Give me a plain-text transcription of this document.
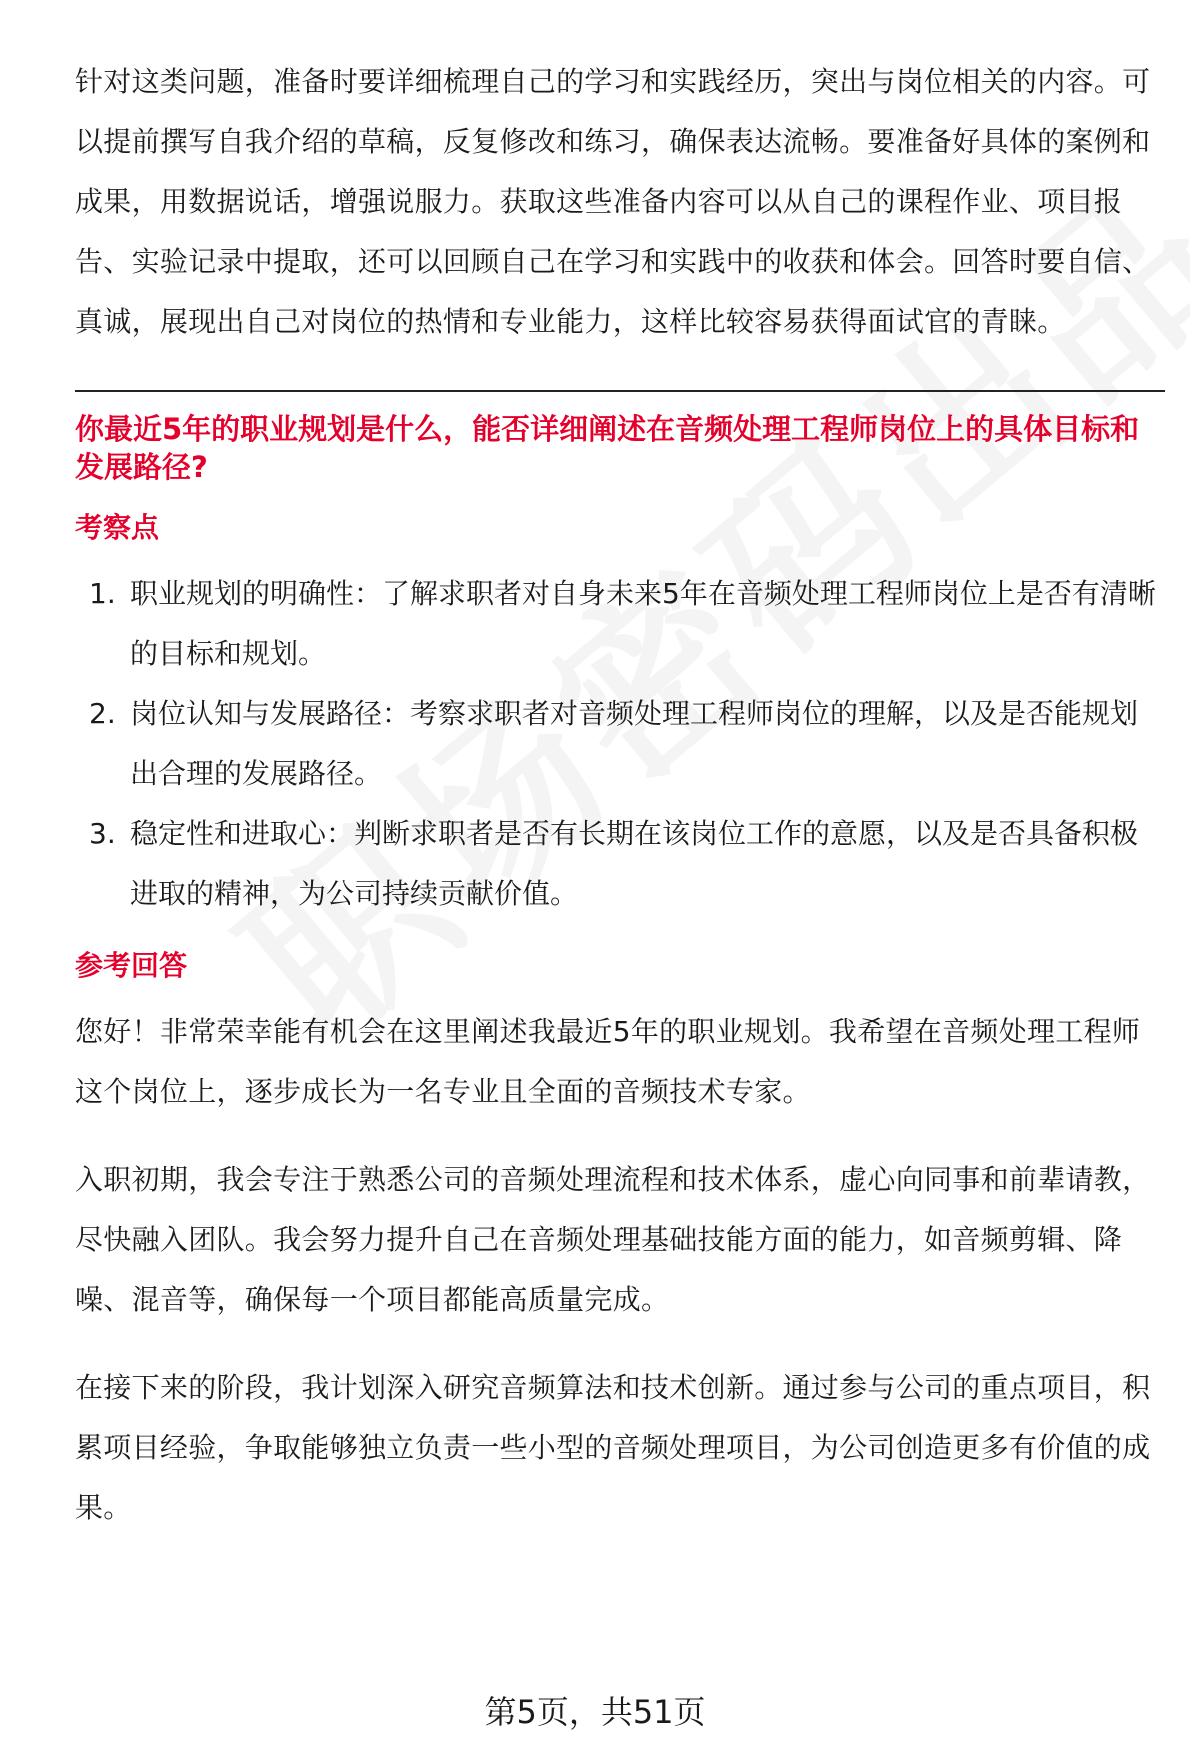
针对这类问题，准备时要详细梳理自己的学习和实践经历，突出与岗位相关的内容。可以提前撰写自我介绍的草稿，反复修改和练习，确保表达流畅。要准备好具体的案例和成果，用数据说话，增强说服力。获取这些准备内容可以从自己的课程作业、项目报告、实验记录中提取，还可以回顾自己在学习和实践中的收获和体会。回答时要自信、真诚，展现出自己对岗位的热情和专业能力，这样比较容易获得面试官的青睐。

你最近5年的职业规划是什么，能否详细阐述在音频处理工程师岗位上的具体目标和发展路径?
考察点
1. 职业规划的明确性：了解求职者对自身未来5年在音频处理工程师岗位上是否有清晰的目标和规划。
2. 岗位认知与发展路径：考察求职者对音频处理工程师岗位的理解，以及是否能规划出合理的发展路径。
3. 稳定性和进取心：判断求职者是否有长期在该岗位工作的意愿，以及是否具备积极进取的精神，为公司持续贡献价值。
参考回答

您好！非常荣幸能有机会在这里阐述我最近5年的职业规划。我希望在音频处理工程师这个岗位上，逐步成长为一名专业且全面的音频技术专家。

入职初期，我会专注于熟悉公司的音频处理流程和技术体系，虚心向同事和前辈请教，尽快融入团队。我会努力提升自己在音频处理基础技能方面的能力，如音频剪辑、降噪、混音等，确保每一个项目都能高质量完成。

在接下来的阶段，我计划深入研究音频算法和技术创新。通过参与公司的重点项目，积累项目经验，争取能够独立负责一些小型的音频处理项目，为公司创造更多有价值的成果。

第5页，共51页
